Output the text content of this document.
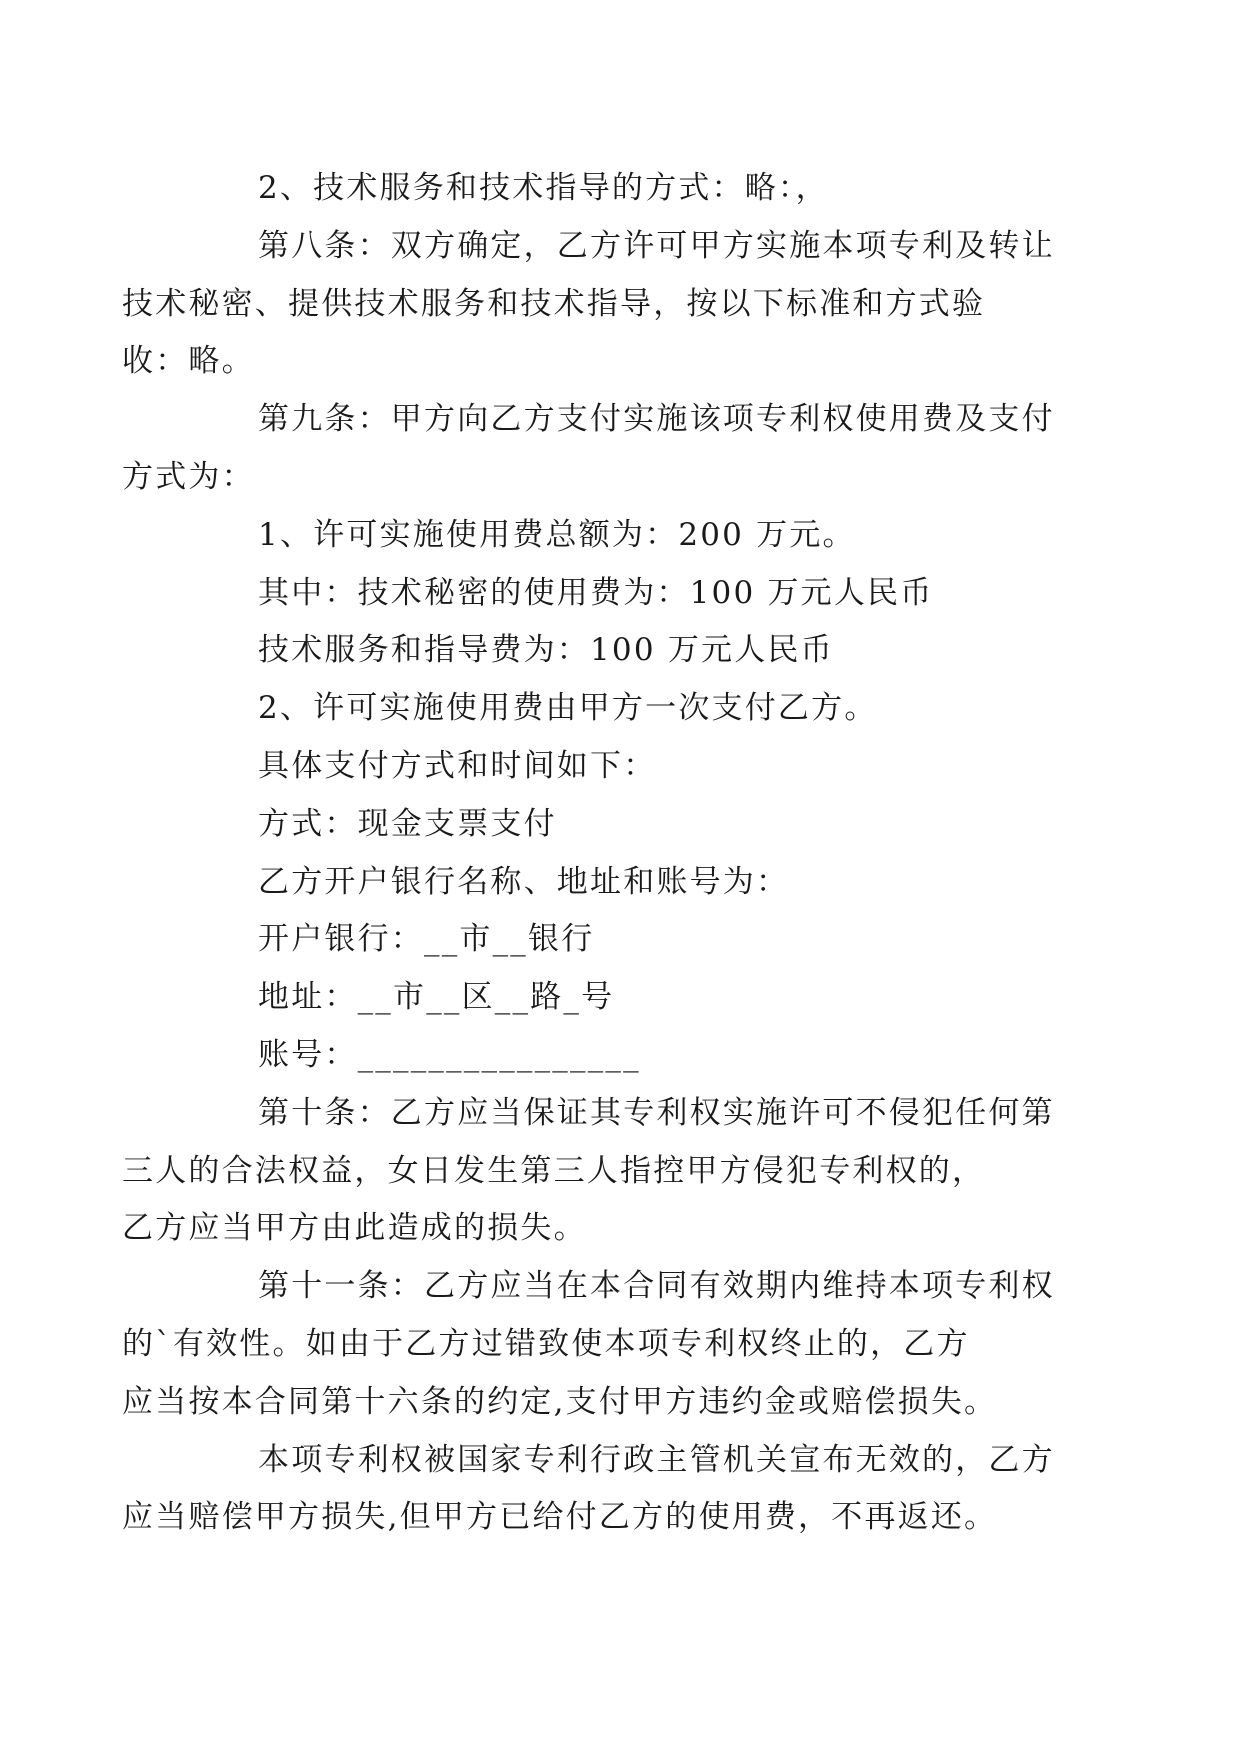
2、技术服务和技术指导的方式：略：，

第八条：双方确定，乙方许可甲方实施本项专利及转让
技术秘密、提供技术服务和技术指导，按以下标准和方式验
收：略。

第九条：甲方向乙方支付实施该项专利权使用费及支付
方式为：

1、许可实施使用费总额为：200 万元。

其中：技术秘密的使用费为：100 万元人民币

技术服务和指导费为：100 万元人民币

2、许可实施使用费由甲方一次支付乙方。

具体支付方式和时间如下：

方式：现金支票支付

乙方开户银行名称、地址和账号为：

开户银行：__市__银行

地址：__市__区__路_号

账号：________________

第十条：乙方应当保证其专利权实施许可不侵犯任何第
三人的合法权益，女日发生第三人指控甲方侵犯专利权的，
乙方应当甲方由此造成的损失。

第十一条：乙方应当在本合同有效期内维持本项专利权
的`有效性。如由于乙方过错致使本项专利权终止的，乙方
应当按本合同第十六条的约定,支付甲方违约金或赔偿损失。

本项专利权被国家专利行政主管机关宣布无效的，乙方
应当赔偿甲方损失,但甲方已给付乙方的使用费，不再返还。
